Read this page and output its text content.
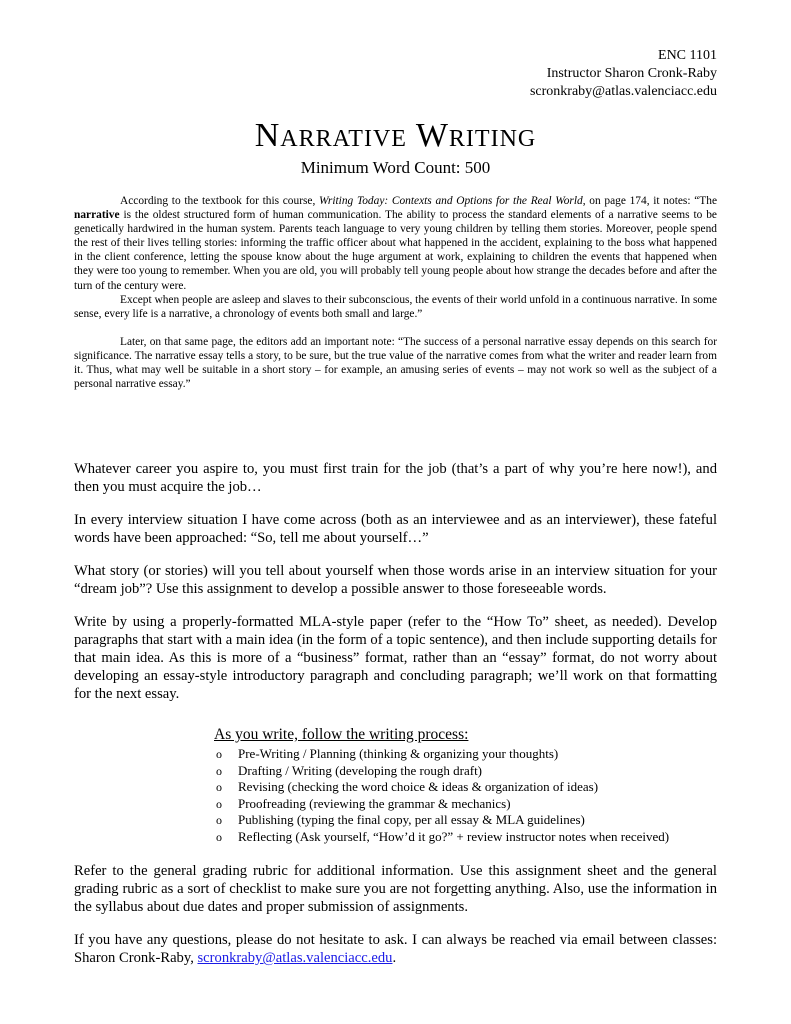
ENC 1101
Instructor Sharon Cronk-Raby
scronkraby@atlas.valenciacc.edu
Narrative Writing
Minimum Word Count: 500

According to the textbook for this course, Writing Today: Contexts and Options for the Real World, on page 174, it notes: “The narrative is the oldest structured form of human communication. The ability to process the standard elements of a narrative seems to be genetically hardwired in the human system. Parents teach language to very young children by telling them stories. Moreover, people spend the rest of their lives telling stories: informing the traffic officer about what happened in the accident, explaining to the boss what happened in the client conference, letting the spouse know about the huge argument at work, explaining to children the events that happened when they were too young to remember. When you are old, you will probably tell young people about how strange the decades before and after the turn of the century were.

Except when people are asleep and slaves to their subconscious, the events of their world unfold in a continuous narrative. In some sense, every life is a narrative, a chronology of events both small and large.”

Later, on that same page, the editors add an important note: “The success of a personal narrative essay depends on this search for significance. The narrative essay tells a story, to be sure, but the true value of the narrative comes from what the writer and reader learn from it. Thus, what may well be suitable in a short story – for example, an amusing series of events – may not work so well as the subject of a personal narrative essay.”

Whatever career you aspire to, you must first train for the job (that’s a part of why you’re here now!), and then you must acquire the job…

In every interview situation I have come across (both as an interviewee and as an interviewer), these fateful words have been approached: “So, tell me about yourself…”

What story (or stories) will you tell about yourself when those words arise in an interview situation for your “dream job”? Use this assignment to develop a possible answer to those foreseeable words.

Write by using a properly-formatted MLA-style paper (refer to the “How To” sheet, as needed). Develop paragraphs that start with a main idea (in the form of a topic sentence), and then include supporting details for that main idea. As this is more of a “business” format, rather than an “essay” format, do not worry about developing an essay-style introductory paragraph and concluding paragraph; we’ll work on that formatting for the next essay.

As you write, follow the writing process:
o Pre-Writing / Planning (thinking & organizing your thoughts)
o Drafting / Writing (developing the rough draft)
o Revising (checking the word choice & ideas & organization of ideas)
o Proofreading (reviewing the grammar & mechanics)
o Publishing (typing the final copy, per all essay & MLA guidelines)
o Reflecting (Ask yourself, “How’d it go?” + review instructor notes when received)

Refer to the general grading rubric for additional information. Use this assignment sheet and the general grading rubric as a sort of checklist to make sure you are not forgetting anything. Also, use the information in the syllabus about due dates and proper submission of assignments.

If you have any questions, please do not hesitate to ask. I can always be reached via email between classes: Sharon Cronk-Raby, scronkraby@atlas.valenciacc.edu.
